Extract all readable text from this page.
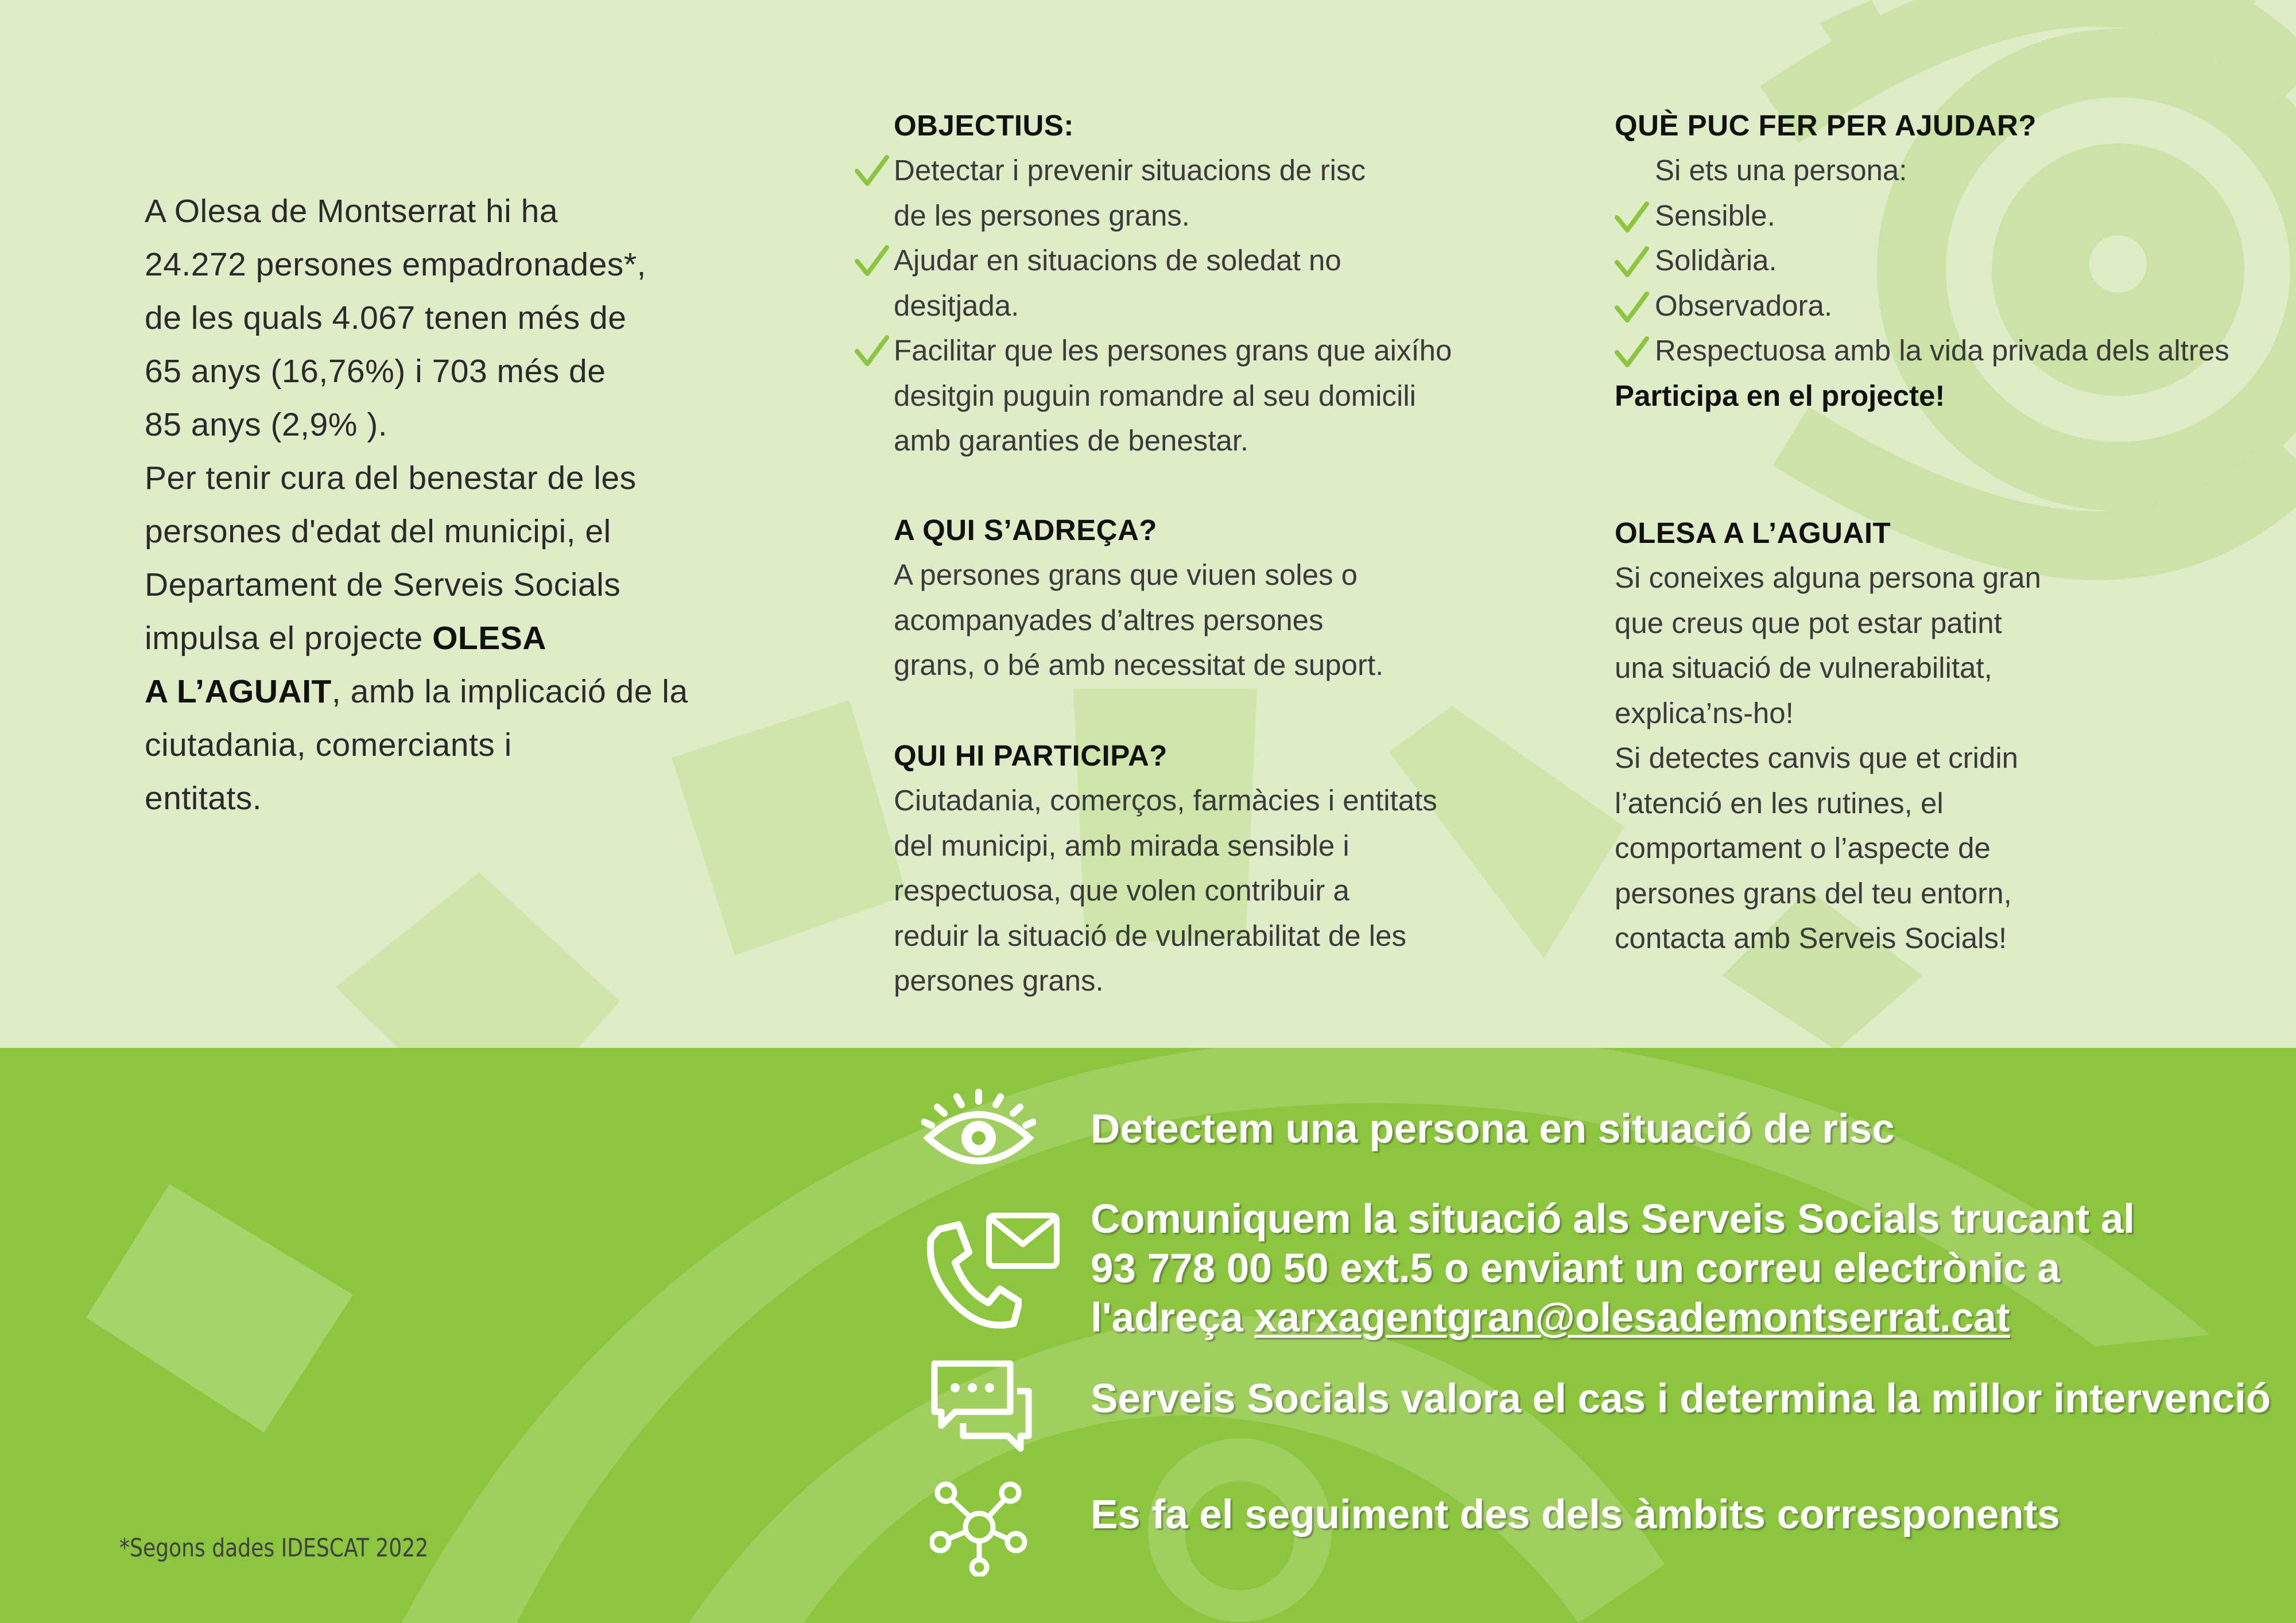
A Olesa de Montserrat hi ha
24.272 persones empadronades*,
de les quals 4.067 tenen més de
65 anys (16,76%) i 703 més de
85 anys (2,9% ).
Per tenir cura del benestar de les
persones d'edat del municipi, el
Departament de Serveis Socials
impulsa el projecte OLESA
A L’AGUAIT, amb la implicació de la
ciutadania, comerciants i
entitats.
OBJECTIUS:
Detectar i prevenir situacions de risc
de les persones grans.
Ajudar en situacions de soledat no
desitjada.
Facilitar que les persones grans que aixího
desitgin puguin romandre al seu domicili
amb garanties de benestar.
A QUI S’ADREÇA?

A persones grans que viuen soles o

acompanyades d’altres persones

grans, o bé amb necessitat de suport.

QUI HI PARTICIPA?

Ciutadania, comerços, farmàcies i entitats

del municipi, amb mirada sensible i

respectuosa, que volen contribuir a

reduir la situació de vulnerabilitat de les

persones grans.

QUÈ PUC FER PER AJUDAR?

Si ets una persona:

Sensible.
Solidària.
Observadora.
Respectuosa amb la vida privada dels altres

Participa en el projecte!

OLESA A L’AGUAIT

Si coneixes alguna persona gran

que creus que pot estar patint

una situació de vulnerabilitat,

explica’ns-ho!

Si detectes canvis que et cridin

l’atenció en les rutines, el

comportament o l’aspecte de

persones grans del teu entorn,

contacta amb Serveis Socials!

Detectem una persona en situació de risc
Comuniquem la situació als Serveis Socials trucant al
93 778 00 50 ext.5 o enviant un correu electrònic a
l'adreça xarxagentgran@olesademontserrat.cat
Serveis Socials valora el cas i determina la millor intervenció
Es fa el seguiment des dels àmbits corresponents
*Segons dades IDESCAT 2022
